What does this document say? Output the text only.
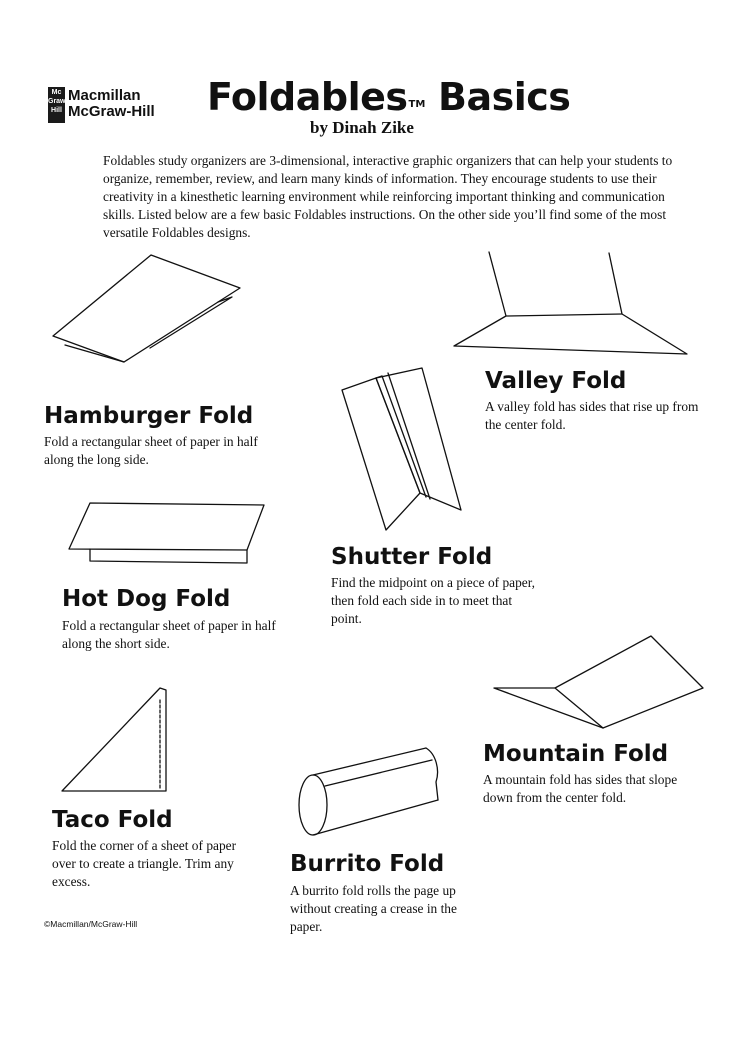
Mc Graw Hill
Macmillan
McGraw-Hill Foldables™ Basics
by Dinah Zike
Foldables study organizers are 3-dimensional, interactive graphic organizers that can help your students to organize, remember, review, and learn many kinds of information. They encourage students to use their creativity in a kinesthetic learning environment while reinforcing important thinking and communication skills. Listed below are a few basic Foldables instructions. On the other side you’ll find some of the most versatile Foldables designs.
Hamburger Fold
Fold a rectangular sheet of paper in half along the long side.
Valley Fold
A valley fold has sides that rise up from the center fold.
Shutter Fold
Find the midpoint on a piece of paper, then fold each side in to meet that point.
Hot Dog Fold
Fold a rectangular sheet of paper in half along the short side.
Mountain Fold
A mountain fold has sides that slope down from the center fold.
Taco Fold
Fold the corner of a sheet of paper over to create a triangle. Trim any excess.
Burrito Fold
A burrito fold rolls the page up without creating a crease in the paper.
©Macmillan/McGraw-Hill
